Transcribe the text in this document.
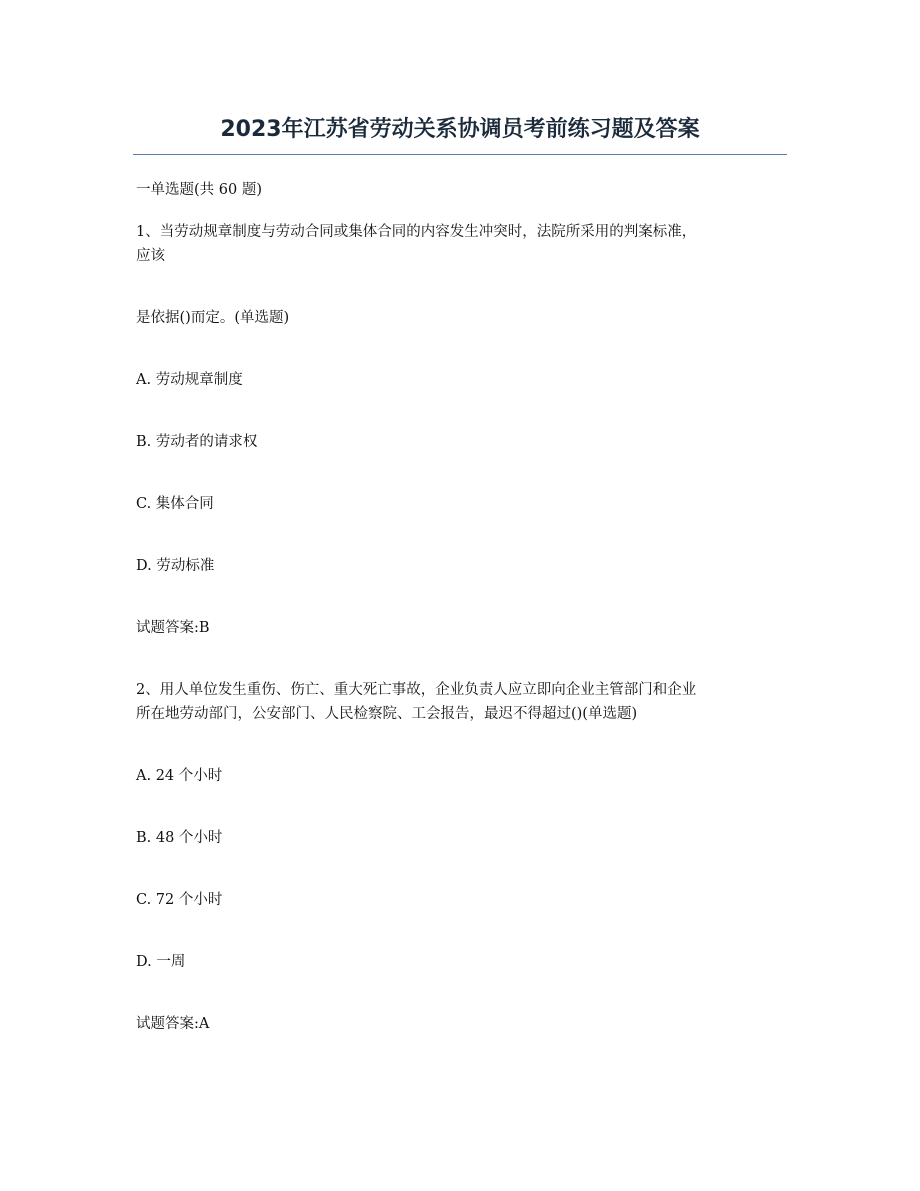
2023年江苏省劳动关系协调员考前练习题及答案
一单选题(共 60 题)
1、当劳动规章制度与劳动合同或集体合同的内容发生冲突时，法院所采用的判案标准，
应该
是依据()而定。(单选题)
A. 劳动规章制度
B. 劳动者的请求权
C. 集体合同
D. 劳动标准
试题答案:B
2、用人单位发生重伤、伤亡、重大死亡事故，企业负责人应立即向企业主管部门和企业
所在地劳动部门，公安部门、人民检察院、工会报告，最迟不得超过()(单选题)
A. 24 个小时
B. 48 个小时
C. 72 个小时
D. 一周
试题答案:A
